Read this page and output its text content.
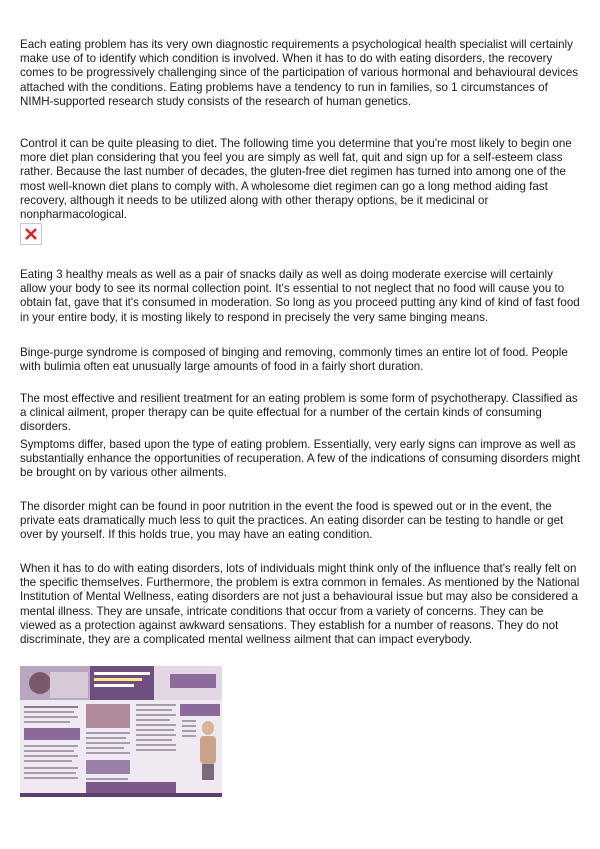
Each eating problem has its very own diagnostic requirements a psychological health specialist will certainly make use of to identify which condition is involved. When it has to do with eating disorders, the recovery comes to be progressively challenging since of the participation of various hormonal and behavioural devices attached with the conditions. Eating problems have a tendency to run in families, so 1 circumstances of NIMH-supported research study consists of the research of human genetics.

Control it can be quite pleasing to diet. The following time you determine that you're most likely to begin one more diet plan considering that you feel you are simply as well fat, quit and sign up for a self-esteem class rather. Because the last number of decades, the gluten-free diet regimen has turned into among one of the most well-known diet plans to comply with. A wholesome diet regimen can go a long method aiding fast recovery, although it needs to be utilized along with other therapy options, be it medicinal or nonpharmacological.

Eating 3 healthy meals as well as a pair of snacks daily as well as doing moderate exercise will certainly allow your body to see its normal collection point. It's essential to not neglect that no food will cause you to obtain fat, gave that it's consumed in moderation. So long as you proceed putting any kind of kind of fast food in your entire body, it is mosting likely to respond in precisely the very same binging means.

Binge-purge syndrome is composed of binging and removing, commonly times an entire lot of food. People with bulimia often eat unusually large amounts of food in a fairly short duration.

The most effective and resilient treatment for an eating problem is some form of psychotherapy. Classified as a clinical ailment, proper therapy can be quite effectual for a number of the certain kinds of consuming disorders.

Symptoms differ, based upon the type of eating problem. Essentially, very early signs can improve as well as substantially enhance the opportunities of recuperation. A few of the indications of consuming disorders might be brought on by various other ailments.

The disorder might can be found in poor nutrition in the event the food is spewed out or in the event, the private eats dramatically much less to quit the practices. An eating disorder can be testing to handle or get over by yourself. If this holds true, you may have an eating condition.

When it has to do with eating disorders, lots of individuals might think only of the influence that's really felt on the specific themselves. Furthermore, the problem is extra common in females. As mentioned by the National Institution of Mental Wellness, eating disorders are not just a behavioural issue but may also be considered a mental illness. They are unsafe, intricate conditions that occur from a variety of concerns. They can be viewed as a protection against awkward sensations. They establish for a number of reasons. They do not discriminate, they are a complicated mental wellness ailment that can impact everybody.
